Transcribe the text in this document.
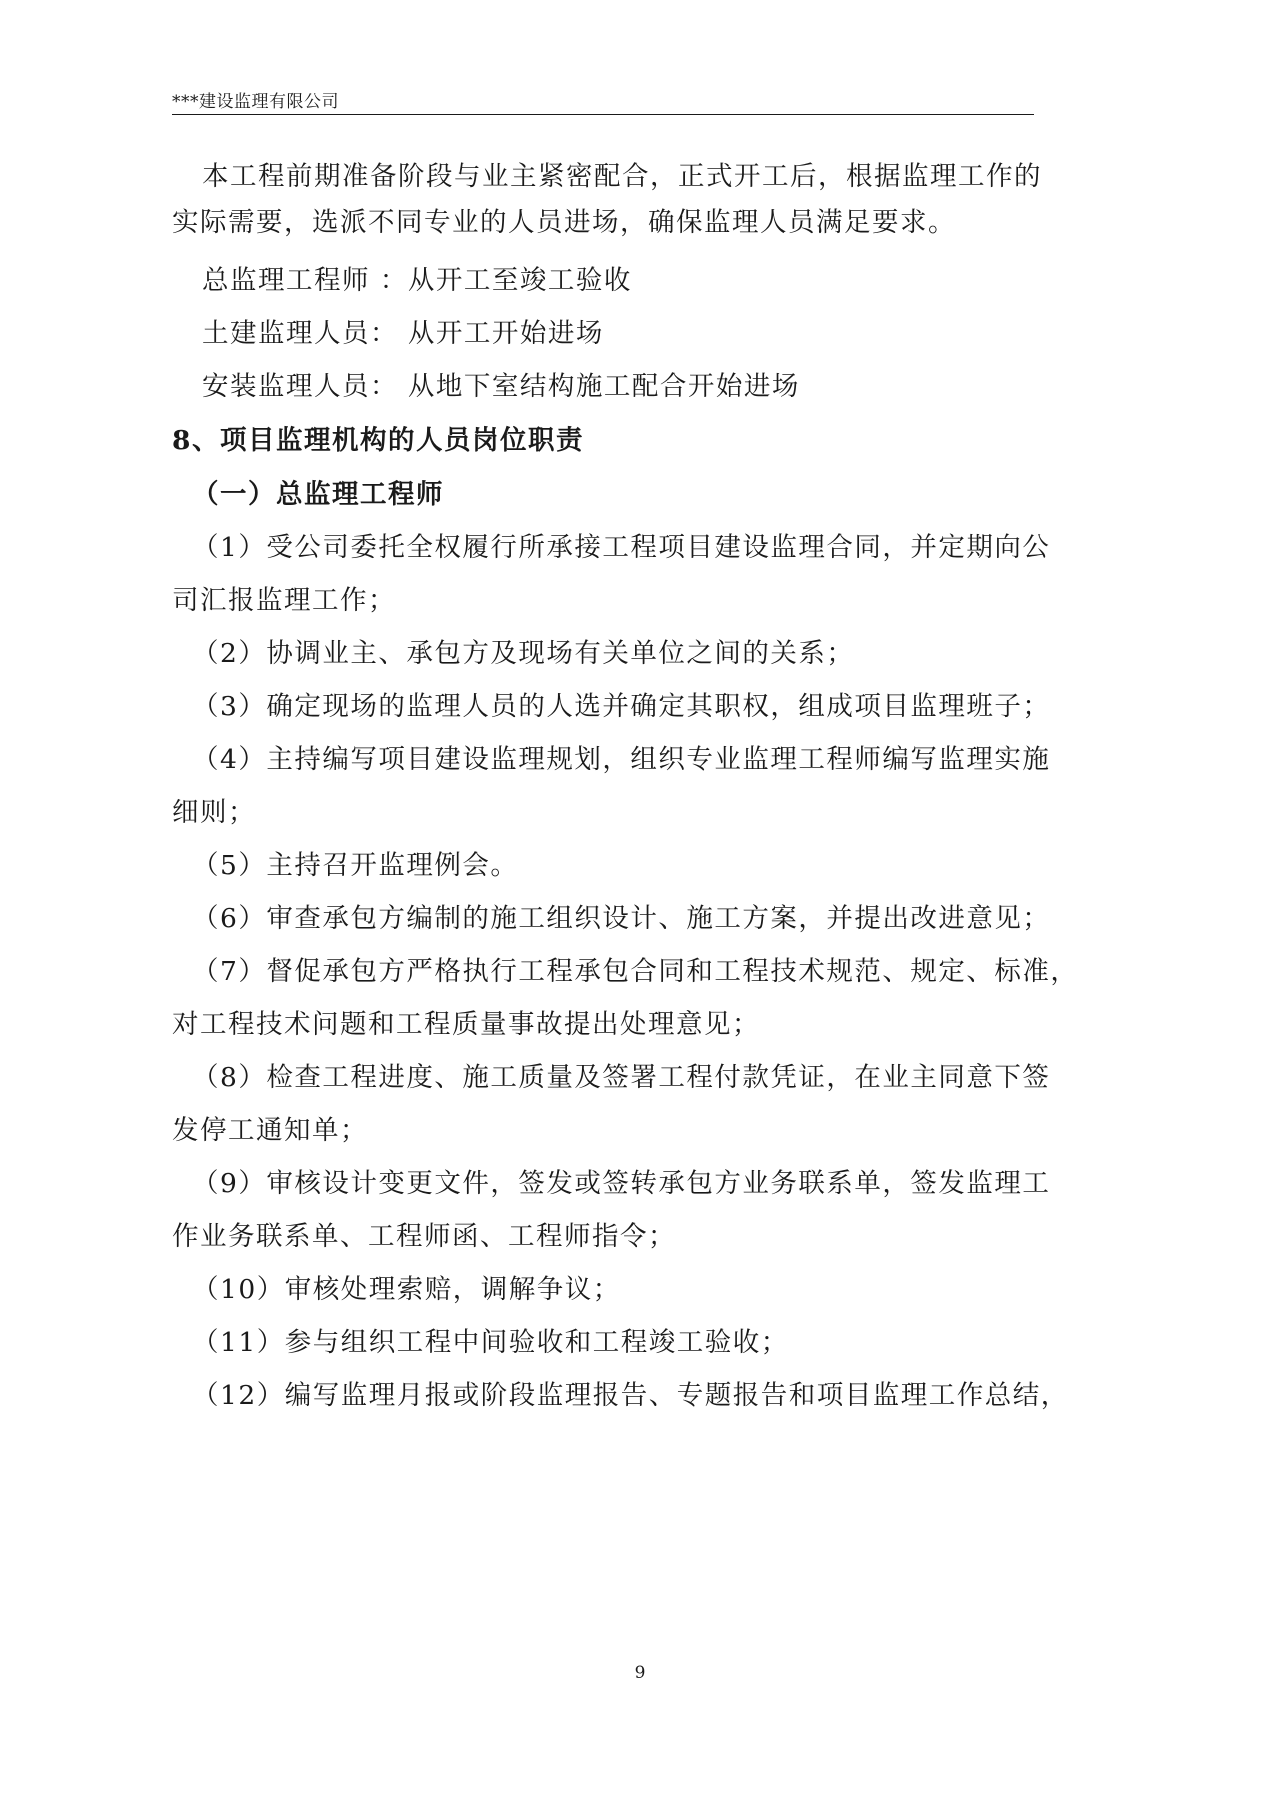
***建设监理有限公司
本工程前期准备阶段与业主紧密配合，正式开工后，根据监理工作的
实际需要，选派不同专业的人员进场，确保监理人员满足要求。
总监理工程师 ：从开工至竣工验收
土建监理人员： 从开工开始进场
安装监理人员： 从地下室结构施工配合开始进场
8、项目监理机构的人员岗位职责
（一）总监理工程师
（1）受公司委托全权履行所承接工程项目建设监理合同，并定期向公
司汇报监理工作；
（2）协调业主、承包方及现场有关单位之间的关系；
（3）确定现场的监理人员的人选并确定其职权，组成项目监理班子；
（4）主持编写项目建设监理规划，组织专业监理工程师编写监理实施
细则；
（5）主持召开监理例会。
（6）审查承包方编制的施工组织设计、施工方案，并提出改进意见；
（7）督促承包方严格执行工程承包合同和工程技术规范、规定、标准，
对工程技术问题和工程质量事故提出处理意见；
（8）检查工程进度、施工质量及签署工程付款凭证，在业主同意下签
发停工通知单；
（9）审核设计变更文件，签发或签转承包方业务联系单，签发监理工
作业务联系单、工程师函、工程师指令；
（10）审核处理索赔，调解争议；
（11）参与组织工程中间验收和工程竣工验收；
（12）编写监理月报或阶段监理报告、专题报告和项目监理工作总结，
9
